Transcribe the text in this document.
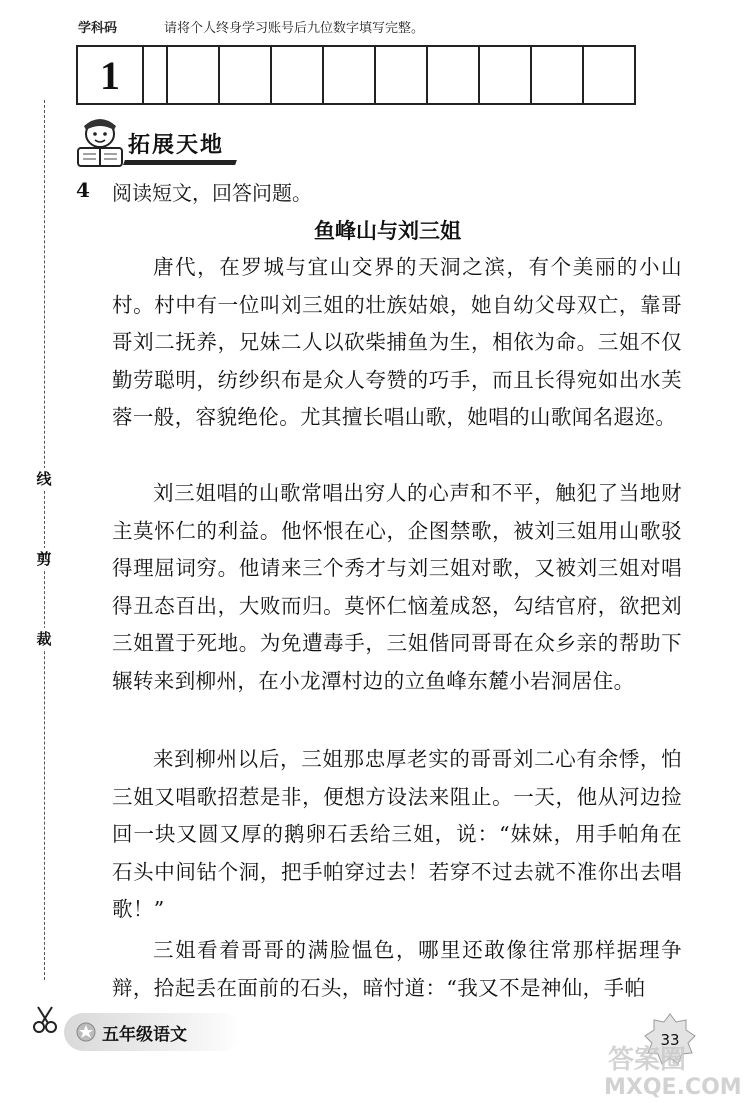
学科码	请将个人终身学习账号后九位数字填写完整。
1
线
剪
裁
拓展天地
4 阅读短文，回答问题。
鱼峰山与刘三姐

唐代，在罗城与宜山交界的天洞之滨，有个美丽的小山村。村中有一位叫刘三姐的壮族姑娘，她自幼父母双亡，靠哥哥刘二抚养，兄妹二人以砍柴捕鱼为生，相依为命。三姐不仅勤劳聪明，纺纱织布是众人夸赞的巧手，而且长得宛如出水芙蓉一般，容貌绝伦。尤其擅长唱山歌，她唱的山歌闻名遐迩。

刘三姐唱的山歌常唱出穷人的心声和不平，触犯了当地财主莫怀仁的利益。他怀恨在心，企图禁歌，被刘三姐用山歌驳得理屈词穷。他请来三个秀才与刘三姐对歌，又被刘三姐对唱得丑态百出，大败而归。莫怀仁恼羞成怒，勾结官府，欲把刘三姐置于死地。为免遭毒手，三姐偕同哥哥在众乡亲的帮助下辗转来到柳州，在小龙潭村边的立鱼峰东麓小岩洞居住。

来到柳州以后，三姐那忠厚老实的哥哥刘二心有余悸，怕三姐又唱歌招惹是非，便想方设法来阻止。一天，他从河边捡回一块又圆又厚的鹅卵石丢给三姐，说：“妹妹，用手帕角在石头中间钻个洞，把手帕穿过去！若穿不过去就不准你出去唱歌！”

三姐看着哥哥的满脸愠色，哪里还敢像往常那样据理争辩，拾起丢在面前的石头，暗忖道：“我又不是神仙，手帕

五年级语文	33
答案圈
MXQE.COM
